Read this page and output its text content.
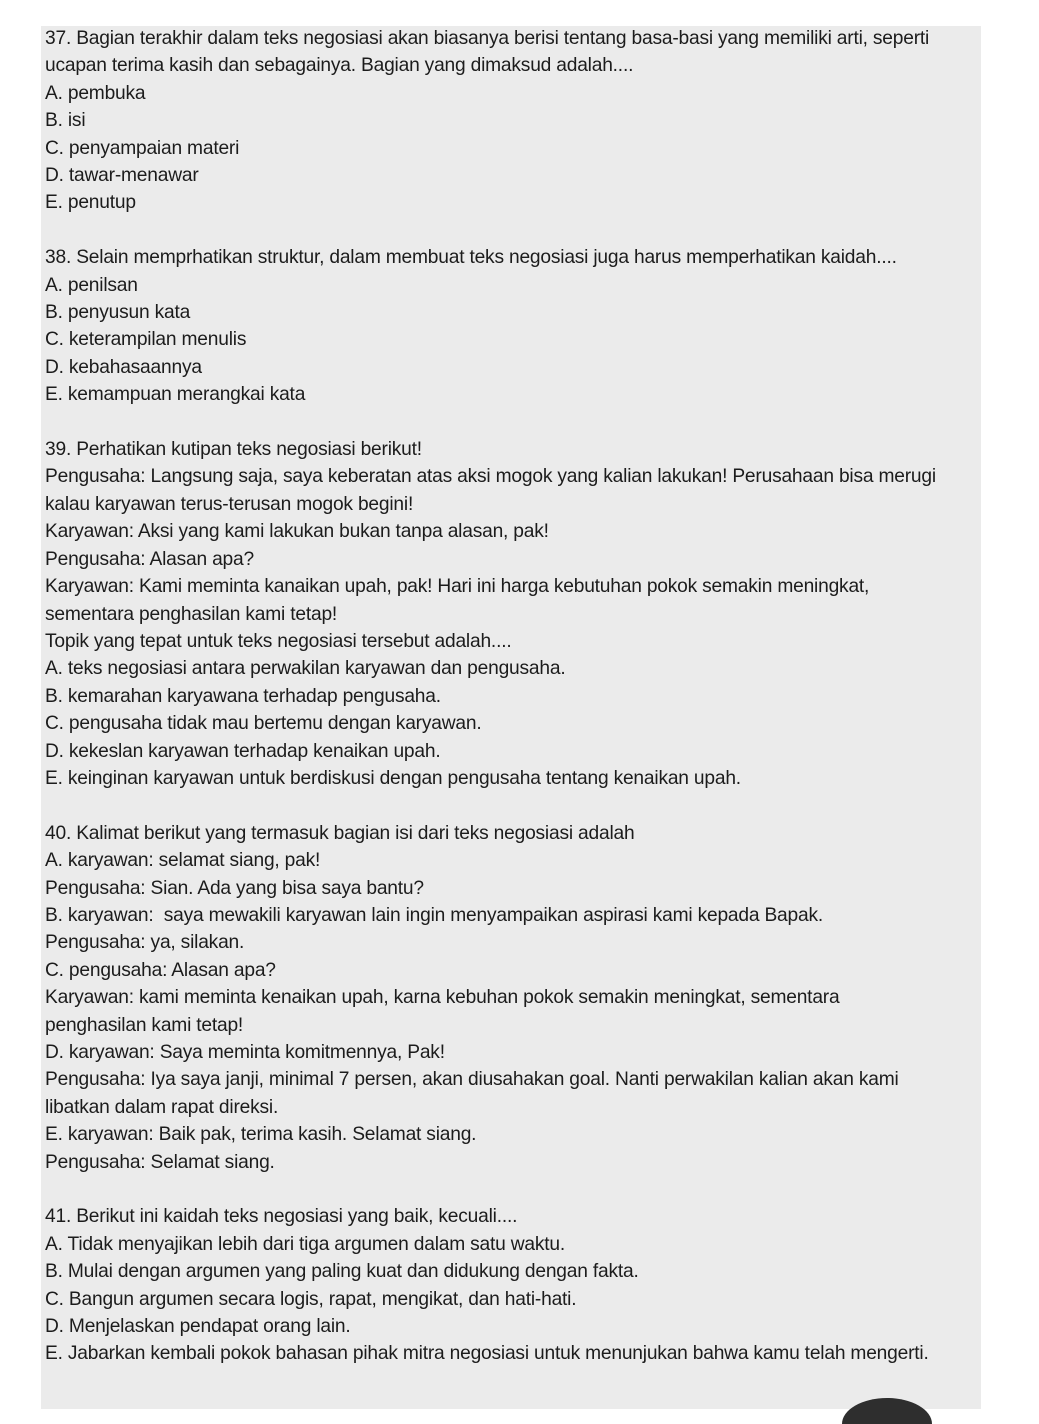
37. Bagian terakhir dalam teks negosiasi akan biasanya berisi tentang basa-basi yang memiliki arti, seperti

ucapan terima kasih dan sebagainya. Bagian yang dimaksud adalah....

A. pembuka

B. isi

C. penyampaian materi

D. tawar-menawar

E. penutup

38. Selain memprhatikan struktur, dalam membuat teks negosiasi juga harus memperhatikan kaidah....

A. penilsan

B. penyusun kata

C. keterampilan menulis

D. kebahasaannya

E. kemampuan merangkai kata

39. Perhatikan kutipan teks negosiasi berikut!

Pengusaha: Langsung saja, saya keberatan atas aksi mogok yang kalian lakukan! Perusahaan bisa merugi

kalau karyawan terus-terusan mogok begini!

Karyawan: Aksi yang kami lakukan bukan tanpa alasan, pak!

Pengusaha: Alasan apa?

Karyawan: Kami meminta kanaikan upah, pak! Hari ini harga kebutuhan pokok semakin meningkat,

sementara penghasilan kami tetap!

Topik yang tepat untuk teks negosiasi tersebut adalah....

A. teks negosiasi antara perwakilan karyawan dan pengusaha.

B. kemarahan karyawana terhadap pengusaha.

C. pengusaha tidak mau bertemu dengan karyawan.

D. kekeslan karyawan terhadap kenaikan upah.

E. keinginan karyawan untuk berdiskusi dengan pengusaha tentang kenaikan upah.

40. Kalimat berikut yang termasuk bagian isi dari teks negosiasi adalah

A. karyawan: selamat siang, pak!

Pengusaha: Sian. Ada yang bisa saya bantu?

B. karyawan:  saya mewakili karyawan lain ingin menyampaikan aspirasi kami kepada Bapak.

Pengusaha: ya, silakan.

C. pengusaha: Alasan apa?

Karyawan: kami meminta kenaikan upah, karna kebuhan pokok semakin meningkat, sementara

penghasilan kami tetap!

D. karyawan: Saya meminta komitmennya, Pak!

Pengusaha: Iya saya janji, minimal 7 persen, akan diusahakan goal. Nanti perwakilan kalian akan kami

libatkan dalam rapat direksi.

E. karyawan: Baik pak, terima kasih. Selamat siang.

Pengusaha: Selamat siang.

41. Berikut ini kaidah teks negosiasi yang baik, kecuali....

A. Tidak menyajikan lebih dari tiga argumen dalam satu waktu.

B. Mulai dengan argumen yang paling kuat dan didukung dengan fakta.

C. Bangun argumen secara logis, rapat, mengikat, dan hati-hati.

D. Menjelaskan pendapat orang lain.

E. Jabarkan kembali pokok bahasan pihak mitra negosiasi untuk menunjukan bahwa kamu telah mengerti.
